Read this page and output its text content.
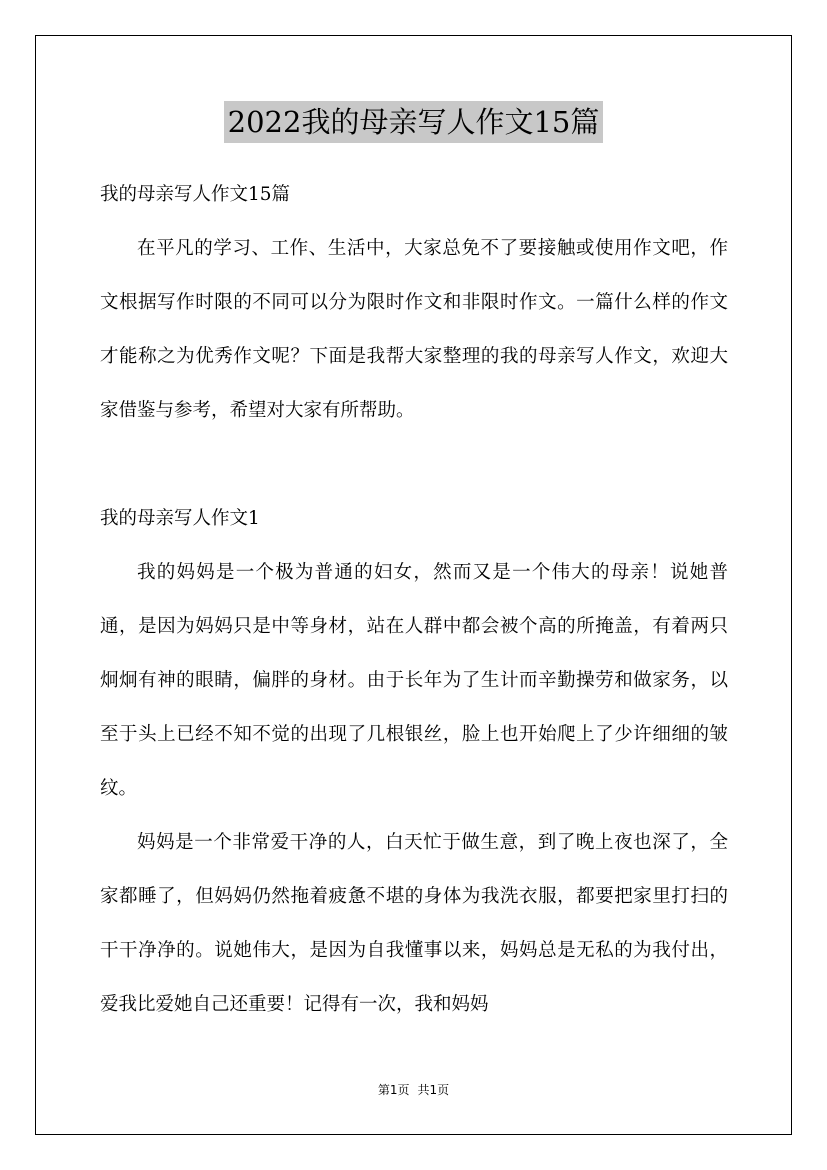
2022我的母亲写人作文15篇

我的母亲写人作文15篇

在平凡的学习、工作、生活中，大家总免不了要接触或使用作文吧，作文根据写作时限的不同可以分为限时作文和非限时作文。一篇什么样的作文才能称之为优秀作文呢？下面是我帮大家整理的我的母亲写人作文，欢迎大家借鉴与参考，希望对大家有所帮助。

我的母亲写人作文1

我的妈妈是一个极为普通的妇女，然而又是一个伟大的母亲！说她普通，是因为妈妈只是中等身材，站在人群中都会被个高的所掩盖，有着两只炯炯有神的眼睛，偏胖的身材。由于长年为了生计而辛勤操劳和做家务，以至于头上已经不知不觉的出现了几根银丝，脸上也开始爬上了少许细细的皱纹。

妈妈是一个非常爱干净的人，白天忙于做生意，到了晚上夜也深了，全家都睡了，但妈妈仍然拖着疲惫不堪的身体为我洗衣服，都要把家里打扫的干干净净的。说她伟大，是因为自我懂事以来，妈妈总是无私的为我付出，爱我比爱她自己还重要！记得有一次，我和妈妈

第1页 共1页
